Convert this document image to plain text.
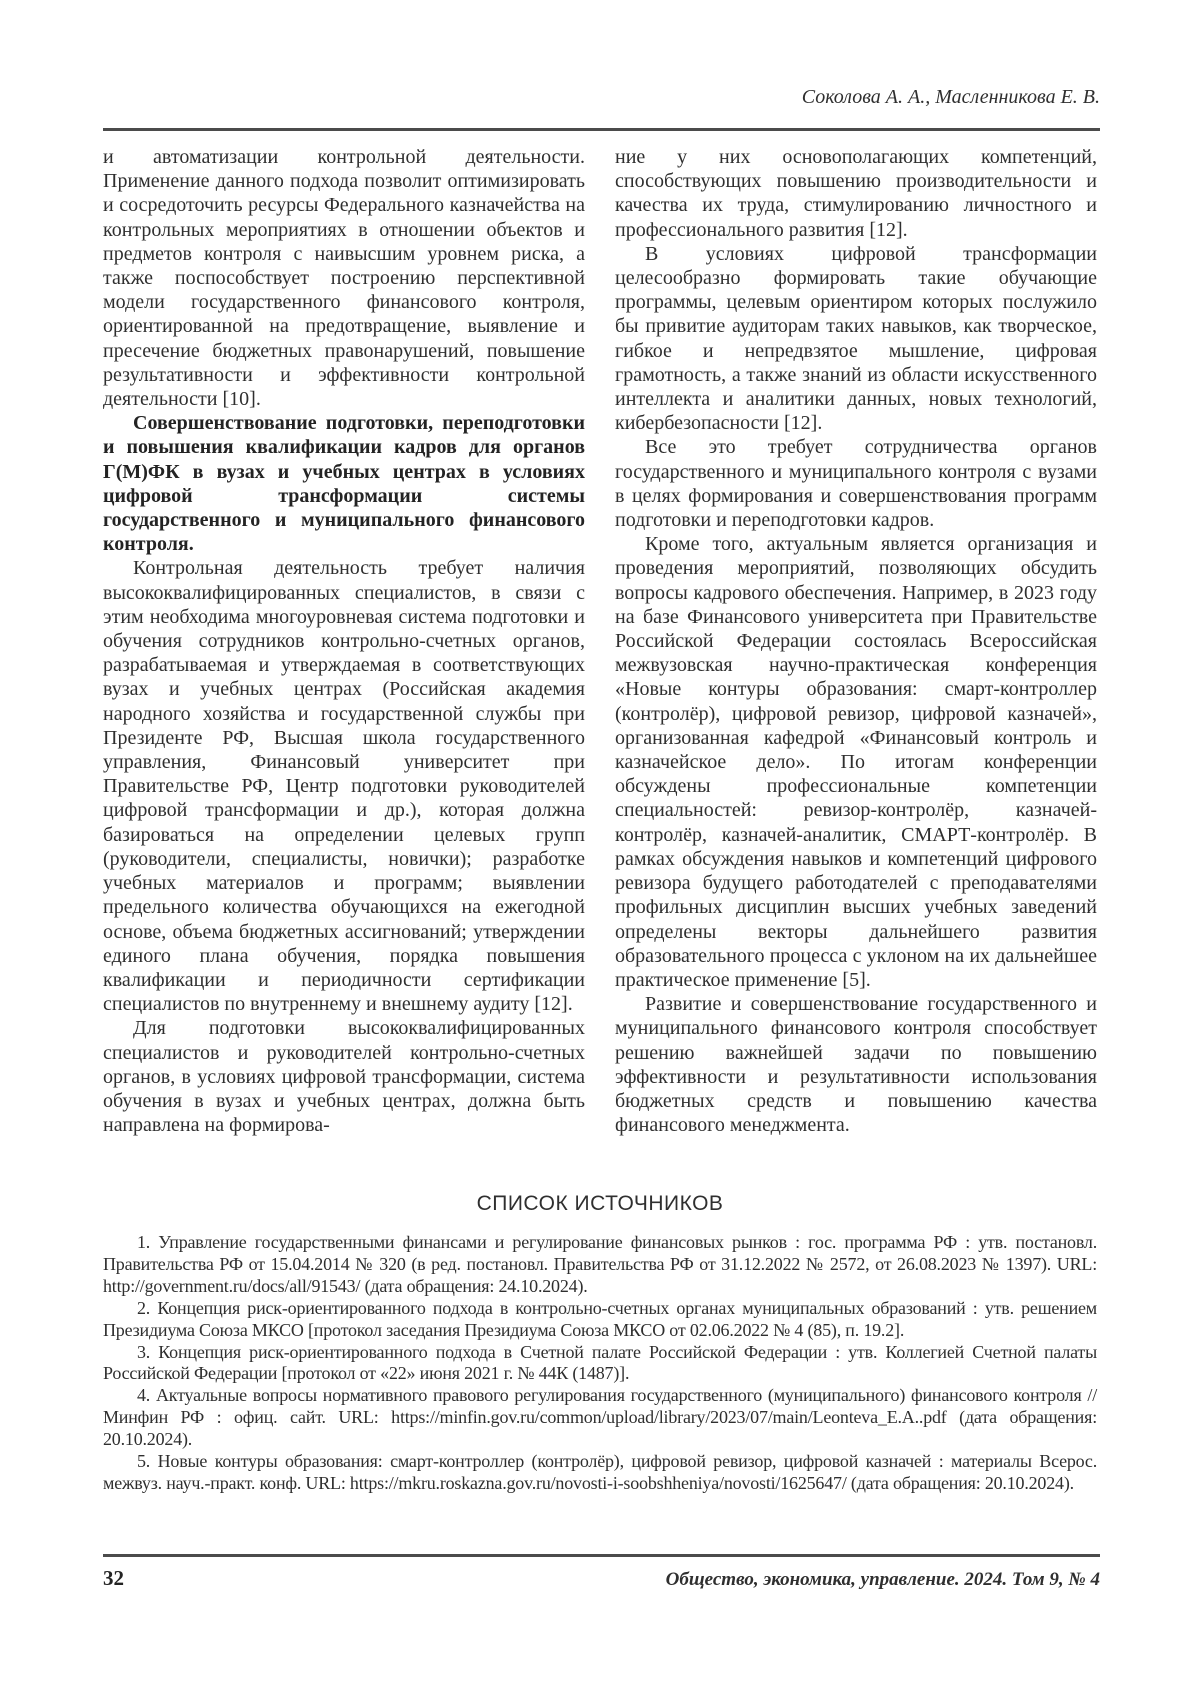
Соколова А. А., Масленникова Е. В.

и автоматизации контрольной деятельности. Применение данного подхода позволит оптимизировать и сосредоточить ресурсы Федерального казначейства на контрольных мероприятиях в отношении объектов и предметов контроля с наивысшим уровнем риска, а также поспособствует построению перспективной модели государственного финансового контроля, ориентированной на предотвращение, выявление и пресечение бюджетных правонарушений, повышение результативности и эффективности контрольной деятельности [10].

Совершенствование подготовки, переподготовки и повышения квалификации кадров для органов Г(М)ФК в вузах и учебных центрах в условиях цифровой трансформации системы государственного и муниципального финансового контроля.

Контрольная деятельность требует наличия высококвалифицированных специалистов, в связи с этим необходима многоуровневая система подготовки и обучения сотрудников контрольно-счетных органов, разрабатываемая и утверждаемая в соответствующих вузах и учебных центрах (Российская академия народного хозяйства и государственной службы при Президенте РФ, Высшая школа государственного управления, Финансовый университет при Правительстве РФ, Центр подготовки руководителей цифровой трансформации и др.), которая должна базироваться на определении целевых групп (руководители, специалисты, новички); разработке учебных материалов и программ; выявлении предельного количества обучающихся на ежегодной основе, объема бюджетных ассигнований; утверждении единого плана обучения, порядка повышения квалификации и периодичности сертификации специалистов по внутреннему и внешнему аудиту [12].

Для подготовки высококвалифицированных специалистов и руководителей контрольно-счетных органов, в условиях цифровой трансформации, система обучения в вузах и учебных центрах, должна быть направлена на формирова-

ние у них основополагающих компетенций, способствующих повышению производительности и качества их труда, стимулированию личностного и профессионального развития [12].

В условиях цифровой трансформации целесообразно формировать такие обучающие программы, целевым ориентиром которых послужило бы привитие аудиторам таких навыков, как творческое, гибкое и непредвзятое мышление, цифровая грамотность, а также знаний из области искусственного интеллекта и аналитики данных, новых технологий, кибербезопасности [12].

Все это требует сотрудничества органов государственного и муниципального контроля с вузами в целях формирования и совершенствования программ подготовки и переподготовки кадров.

Кроме того, актуальным является организация и проведения мероприятий, позволяющих обсудить вопросы кадрового обеспечения. Например, в 2023 году на базе Финансового университета при Правительстве Российской Федерации состоялась Всероссийская межвузовская научно-практическая конференция «Новые контуры образования: смарт-контроллер (контролёр), цифровой ревизор, цифровой казначей», организованная кафедрой «Финансовый контроль и казначейское дело». По итогам конференции обсуждены профессиональные компетенции специальностей: ревизор-контролёр, казначей-контролёр, казначей-аналитик, СМАРТ-контролёр. В рамках обсуждения навыков и компетенций цифрового ревизора будущего работодателей с преподавателями профильных дисциплин высших учебных заведений определены векторы дальнейшего развития образовательного процесса с уклоном на их дальнейшее практическое применение [5].

Развитие и совершенствование государственного и муниципального финансового контроля способствует решению важнейшей задачи по повышению эффективности и результативности использования бюджетных средств и повышению качества финансового менеджмента.

СПИСОК ИСТОЧНИКОВ

1. Управление государственными финансами и регулирование финансовых рынков : гос. программа РФ : утв. постановл. Правительства РФ от 15.04.2014 № 320 (в ред. постановл. Правительства РФ от 31.12.2022 № 2572, от 26.08.2023 № 1397). URL: http://government.ru/docs/all/91543/ (дата обращения: 24.10.2024).

2. Концепция риск-ориентированного подхода в контрольно-счетных органах муниципальных образований : утв. решением Президиума Союза МКСО [протокол заседания Президиума Союза МКСО от 02.06.2022 № 4 (85), п. 19.2].

3. Концепция риск-ориентированного подхода в Счетной палате Российской Федерации : утв. Коллегией Счетной палаты Российской Федерации [протокол от «22» июня 2021 г. № 44К (1487)].

4. Актуальные вопросы нормативного правового регулирования государственного (муниципального) финансового контроля // Минфин РФ : офиц. сайт. URL: https://minfin.gov.ru/common/upload/library/2023/07/main/Leonteva_E.A..pdf (дата обращения: 20.10.2024).

5. Новые контуры образования: смарт-контроллер (контролёр), цифровой ревизор, цифровой казначей : материалы Всерос. межвуз. науч.-практ. конф. URL: https://mkru.roskazna.gov.ru/novosti-i-soobshheniya/novosti/1625647/ (дата обращения: 20.10.2024).

32	Общество, экономика, управление. 2024. Том 9, № 4
